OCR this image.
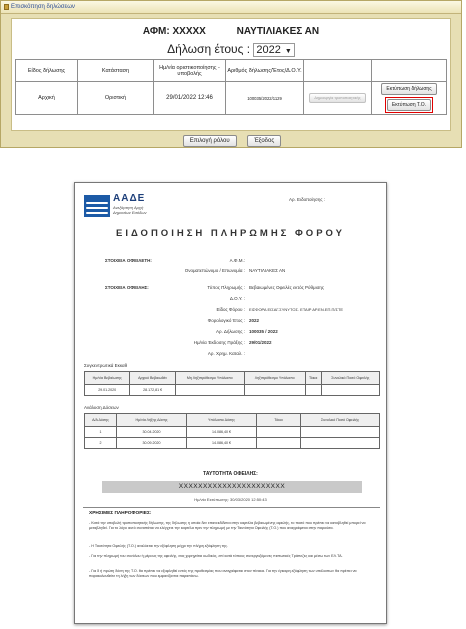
Επισκόπηση δηλώσεων
ΑΦΜ: XXXXX	ΝΑΥΤΙΛΙΑΚΕΣ ΑΝ
Δήλωση έτους : 2022 ▼
Είδος δήλωσης	Κατάσταση	Ημ/νία οριστικοποίησης - υποβολής	Αριθμός δήλωσης/Έτος/Δ.Ο.Υ.		
Αρχική	Οριστική	29/01/2022 12:46	100035/2022/1129	Δημιουργία τροποποιητικής	Εκτύπωση δήλωσης
Εκτύπωση Τ.Ο.
Επιλογή ρόλου	Έξοδος
ΑΑΔΕ
Ανεξάρτητη Αρχή
Δημοσίων Εσόδων
Αρ. Ειδοποίησης :
ΕΙΔΟΠΟΙΗΣΗ ΠΛΗΡΩΜΗΣ ΦΟΡΟΥ
ΣΤΟΙΧΕΙΑ ΟΦΕΙΛΕΤΗ:	Α.Φ.Μ.:
Ονοματεπώνυμο / Επωνυμία : ΝΑΥΤΙΛΙΑΚΕΣ ΑΝ
ΣΤΟΙΧΕΙΑ ΟΦΕΙΛΗΣ:	Τύπος Πληρωμής : Βεβαιωμένες Οφειλές εκτός Ρύθμισης
Δ.Ο.Υ. :
Είδος Φόρου : ΕΙΣΦΟΡΑ ΕΙΣΑΓ.ΣΥΝΥΤΟΣ. ΕΤΑΙΡ ΑΡ.ΕΝ.ΕΠ.Π/ΣΤΕ
Φορολογικό Έτος : 2022
Αρ. Δήλωσης : 100035 / 2022
Ημ/νία Έκδοσης Πράξης : 29/01/2022
Αρ. Χρημ. Καταλ. :
Συγκεντρωτικά Εκκαθ
Ημ/νία Βεβαίωσης	Αρχικό Βεβαιωθέν	Μη Ληξιπρόθεσμο Υπόλοιπο	Ληξιπρόθεσμο Υπόλοιπο	Τόκοι	Συνολικό Ποσό Οφειλής
29.01.2020	28.172,81 €				
Ανάλυση Δόσεων
Α/Α Δόσης	Ημ/νία Λήξης Δόσης	Υπόλοιπο Δόσης	Τόκοι	Συνολικό Ποσό Οφειλής
1	30.04.2020	14.086,40 €		
2	30.09.2020	14.086,40 €		
ΤΑΥΤΟΤΗΤΑ ΟΦΕΙΛΗΣ:
XXXXXXXXXXXXXXXXXXXXXX
Ημ/νία Εκτύπωσης: 30/03/2020 12:50:43
ΧΡΗΣΙΜΕΣ ΠΛΗΡΟΦΟΡΙΕΣ:
- Κατά την υποβολή τροποποιητικής δήλωσης, της δήλωσης η οποία δεν επανεκδίδεται στην καρτέλα βεβαιωμένης οφειλής, το ποσό που πρέπει να καταβληθεί μπορεί να μεταβληθεί. Για το λόγο αυτό συνιστάται να ελέγχετε την καρτέλα πριν την πληρωμή με την Ταυτότητα Οφειλής (Τ.Ο.) που αναγράφεται στην παρούσα.
- Η Ταυτότητα Οφειλής (Τ.Ο.) αναλύεται την εξόφληση μέχρι την πλήρη εξόφληση της.
- Για την πληρωμή του συνόλου ή μέρους της οφειλής, σας χορηγείται κωδικός, επί κατά τόπους συνεργαζόμενες πιστωτικές Τράπεζες και μέσω των ΕΛ.ΤΑ.
- Για δ ή πρώτη δόση της Τ.Ο. θα πρέπει να εξοφληθεί εντός της προθεσμίας που αναγράφεται στον πίνακα. Για την έγκαιρη εξόφληση των υπόλοιπων θα πρέπει να παρακολουθείτε τη λήξη των δόσεων που εμφανίζονται παραπάνω.
